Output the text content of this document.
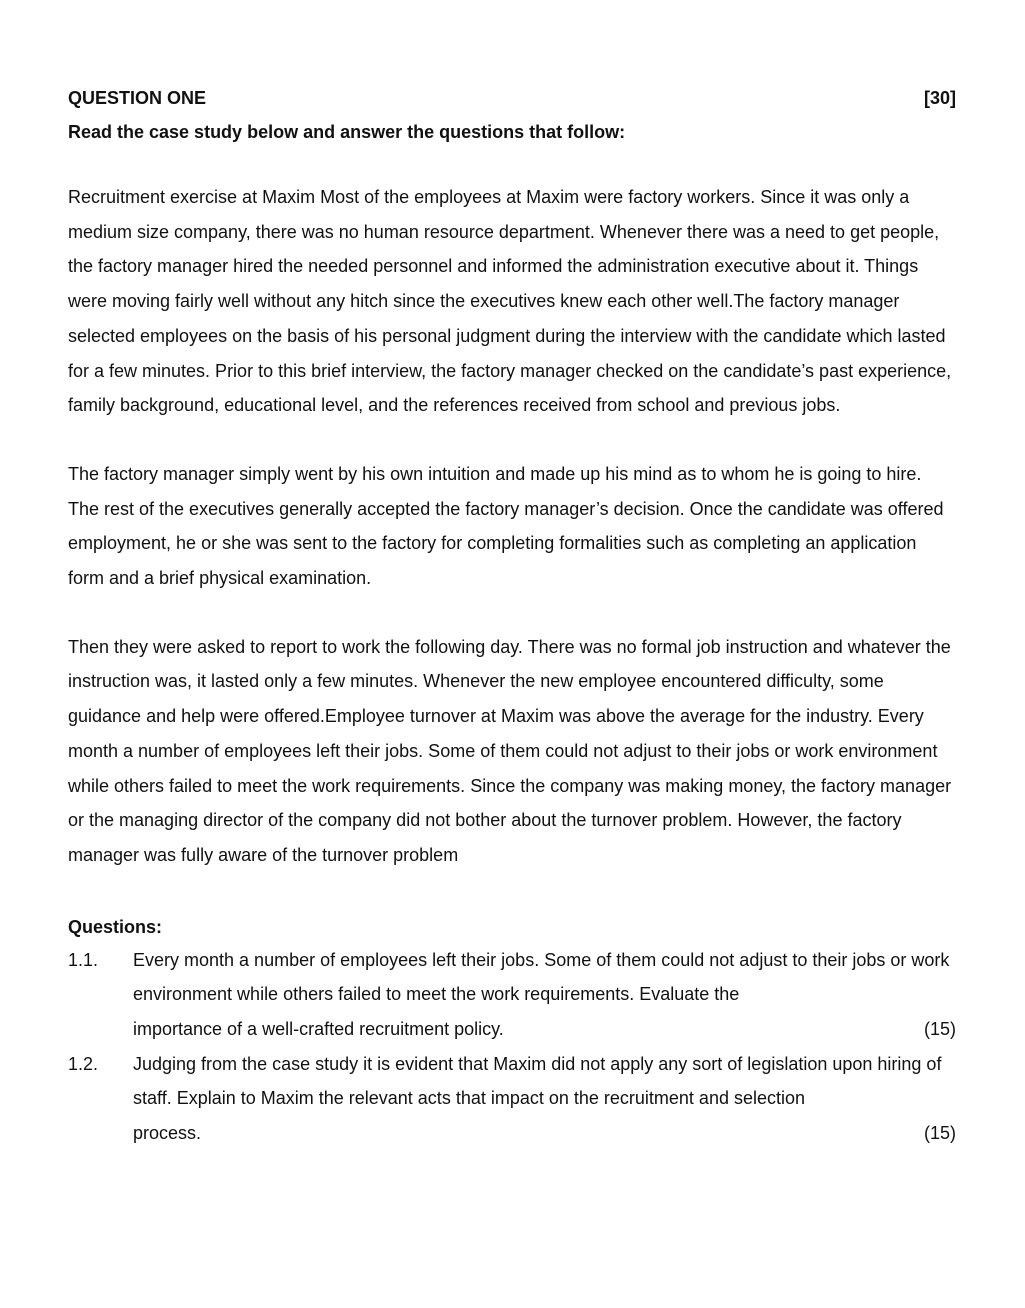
QUESTION ONE	[30]
Read the case study below and answer the questions that follow:

Recruitment exercise at Maxim Most of the employees at Maxim were factory workers. Since it was only a medium size company, there was no human resource department. Whenever there was a need to get people, the factory manager hired the needed personnel and informed the administration executive about it. Things were moving fairly well without any hitch since the executives knew each other well.The factory manager selected employees on the basis of his personal judgment during the interview with the candidate which lasted for a few minutes. Prior to this brief interview, the factory manager checked on the candidate’s past experience, family background, educational level, and the references received from school and previous jobs.

The factory manager simply went by his own intuition and made up his mind as to whom he is going to hire. The rest of the executives generally accepted the factory manager’s decision. Once the candidate was offered employment, he or she was sent to the factory for completing formalities such as completing an application form and a brief physical examination.

Then they were asked to report to work the following day. There was no formal job instruction and whatever the instruction was, it lasted only a few minutes. Whenever the new employee encountered difficulty, some guidance and help were offered.Employee turnover at Maxim was above the average for the industry. Every month a number of employees left their jobs. Some of them could not adjust to their jobs or work environment while others failed to meet the work requirements. Since the company was making money, the factory manager or the managing director of the company did not bother about the turnover problem. However, the factory manager was fully aware of the turnover problem

Questions:
1.1.	Every month a number of employees left their jobs. Some of them could not adjust to their jobs or work environment while others failed to meet the work requirements. Evaluate the
importance of a well-crafted recruitment policy.	(15)
1.2.	Judging from the case study it is evident that Maxim did not apply any sort of legislation upon hiring of staff. Explain to Maxim the relevant acts that impact on the recruitment and selection
process.	(15)
